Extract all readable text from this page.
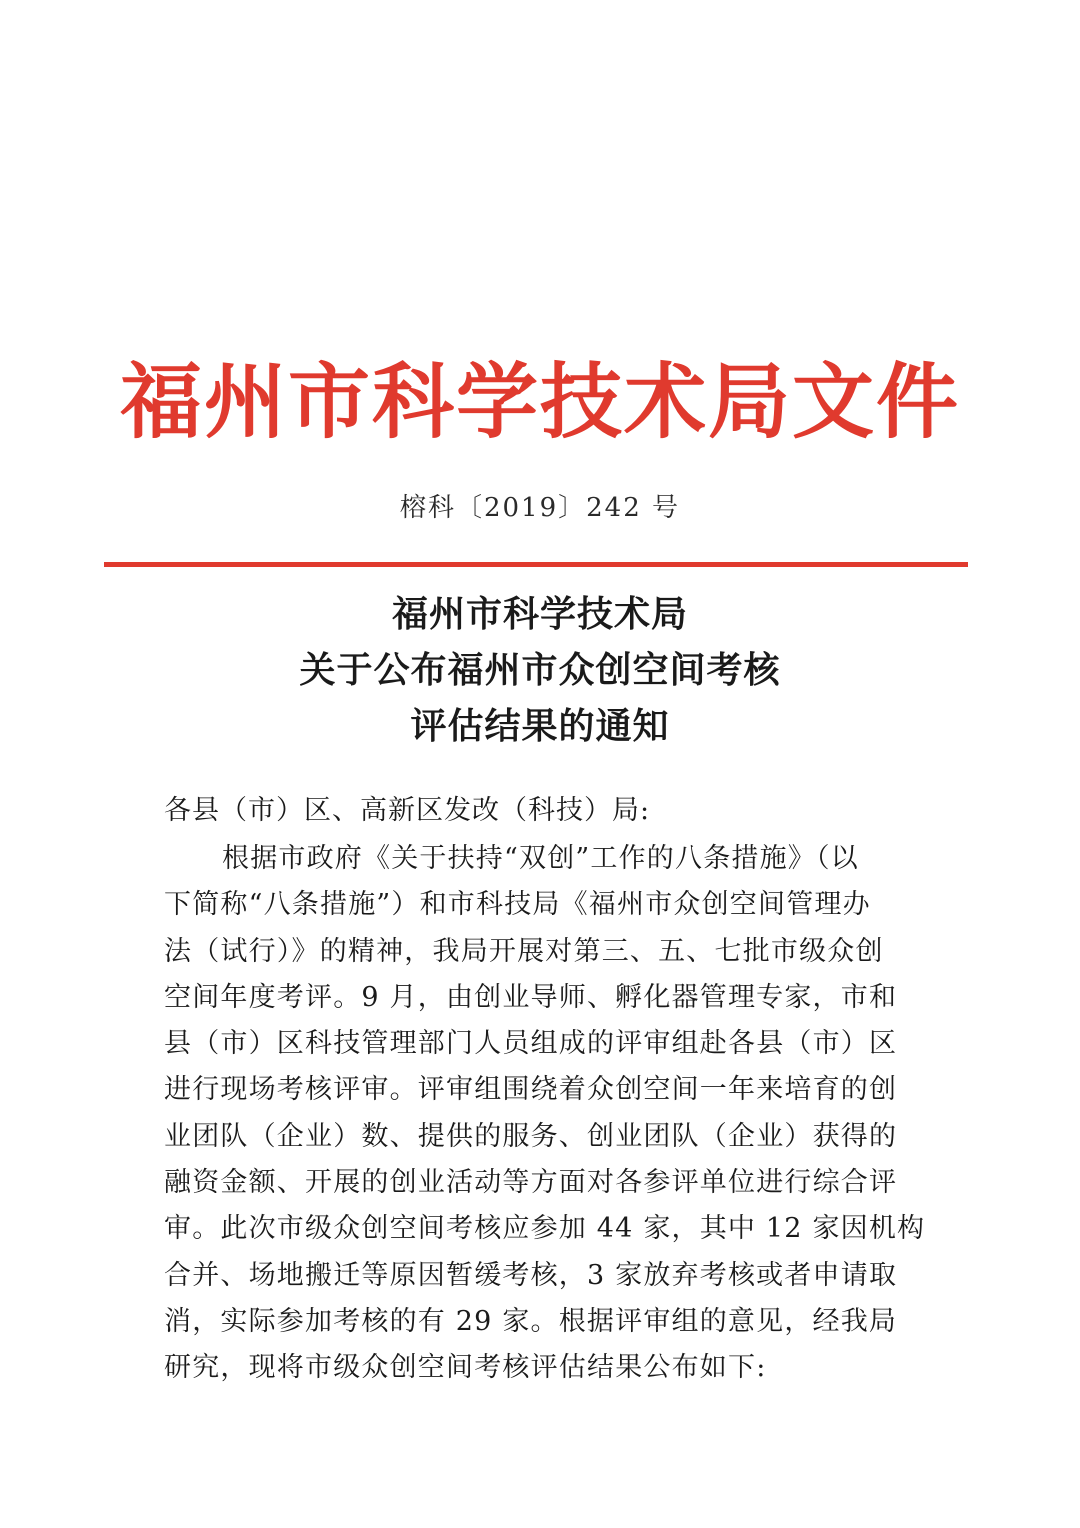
福州市科学技术局文件
榕科〔2019〕242 号
福州市科学技术局
关于公布福州市众创空间考核
评估结果的通知
各县（市）区、高新区发改（科技）局:
根据市政府《关于扶持“双创”工作的八条措施》（以
下简称“八条措施”）和市科技局《福州市众创空间管理办
法（试行）》的精神，我局开展对第三、五、七批市级众创
空间年度考评。9 月，由创业导师、孵化器管理专家，市和
县（市）区科技管理部门人员组成的评审组赴各县（市）区
进行现场考核评审。评审组围绕着众创空间一年来培育的创
业团队（企业）数、提供的服务、创业团队（企业）获得的
融资金额、开展的创业活动等方面对各参评单位进行综合评
审。此次市级众创空间考核应参加 44 家，其中 12 家因机构
合并、场地搬迁等原因暂缓考核，3 家放弃考核或者申请取
消，实际参加考核的有 29 家。根据评审组的意见，经我局
研究，现将市级众创空间考核评估结果公布如下:
